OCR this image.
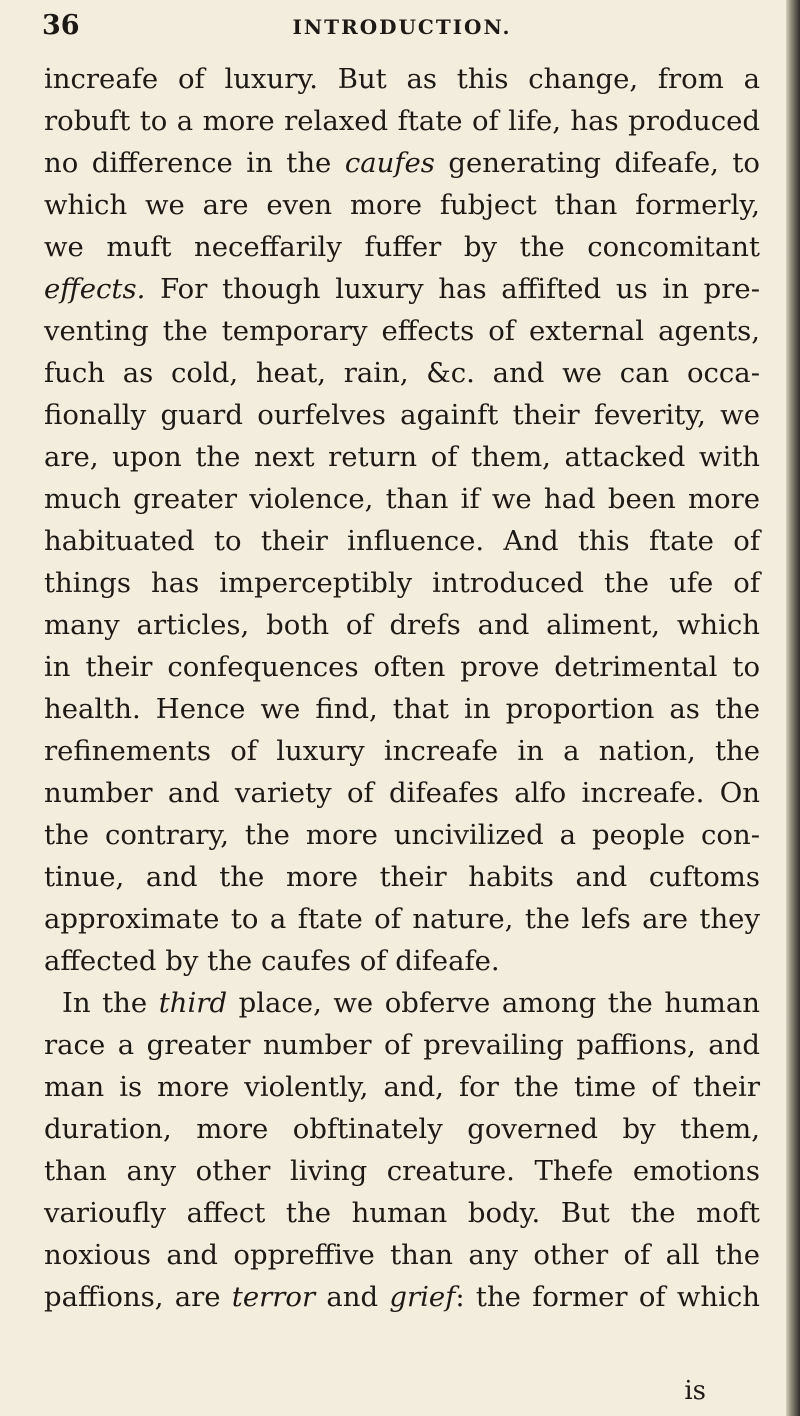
36	INTRODUCTION.
increafe of luxury. But as this change, from a
robuft to a more relaxed ftate of life, has produced
no difference in the caufes generating difeafe, to
which we are even more fubject than formerly,
we muft neceffarily fuffer by the concomitant
effects. For though luxury has affifted us in pre-
venting the temporary effects of external agents,
fuch as cold, heat, rain, &c. and we can occa-
fionally guard ourfelves againft their feverity, we
are, upon the next return of them, attacked with
much greater violence, than if we had been more
habituated to their influence. And this ftate of
things has imperceptibly introduced the ufe of
many articles, both of drefs and aliment, which
in their confequences often prove detrimental to
health. Hence we find, that in proportion as the
refinements of luxury increafe in a nation, the
number and variety of difeafes alfo increafe. On
the contrary, the more uncivilized a people con-
tinue, and the more their habits and cuftoms
approximate to a ftate of nature, the lefs are they
affected by the caufes of difeafe.
In the third place, we obferve among the human
race a greater number of prevailing paffions, and
man is more violently, and, for the time of their
duration, more obftinately governed by them,
than any other living creature. Thefe emotions
varioufly affect the human body. But the moft
noxious and oppreffive than any other of all the
paffions, are terror and grief: the former of which
is
